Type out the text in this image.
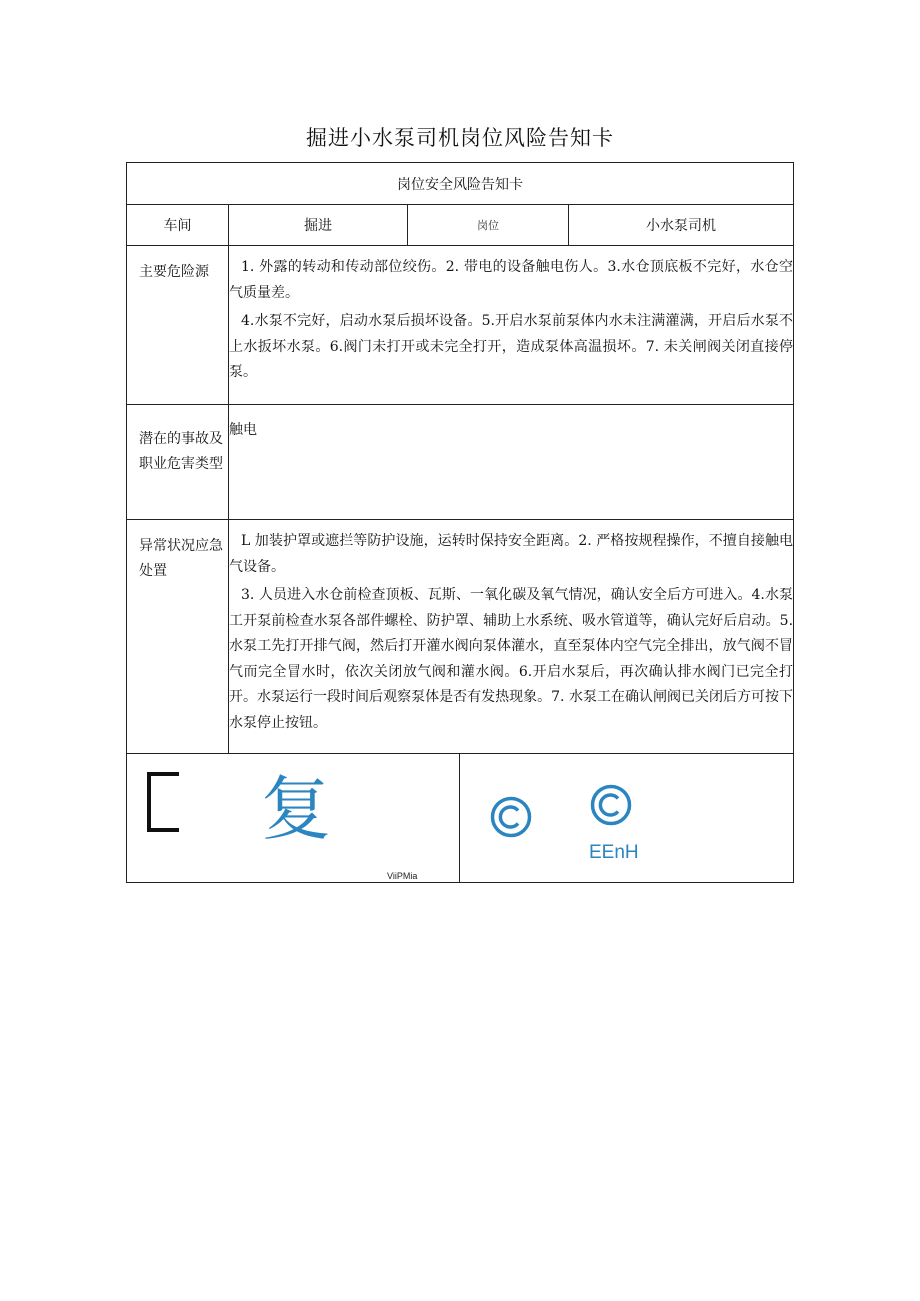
掘进小水泵司机岗位风险告知卡
岗位安全风险告知卡				
车间	掘进	岗位		小水泵司机
主要危险源	1. 外露的转动和传动部位绞伤。2. 带电的设备触电伤人。3.水仓顶底板不完好，水仓空气质量差。

4.水泵不完好，启动水泵后损坏设备。5.开启水泵前泵体内水未注满灌满，开启后水泵不上水扳坏水泵。6.阀门未打开或未完全打开，造成泵体高温损坏。7. 未关闸阀关闭直接停泵。			

潜在的事故及职业危害类型	触电			
异常状况应急处置	L 加装护罩或遮拦等防护设施，运转时保持安全距离。2. 严格按规程操作，不擅自接触电气设备。

3. 人员进入水仓前检查顶板、瓦斯、一氧化碳及氧气情况，确认安全后方可进入。4.水泵工开泵前检查水泵各部件螺栓、防护罩、辅助上水系统、吸水管道等，确认完好后启动。5. 水泵工先打开排气阀，然后打开灌水阀向泵体灌水，直至泵体内空气完全排出，放气阀不冒气而完全冒水时，依次关闭放气阀和灌水阀。6.开启水泵后，再次确认排水阀门已完全打开。水泵运行一段时间后观察泵体是否有发热现象。7. 水泵工在确认闸阀已关闭后方可按下水泵停止按钮。			

复
ViiPMia			EEnH	
